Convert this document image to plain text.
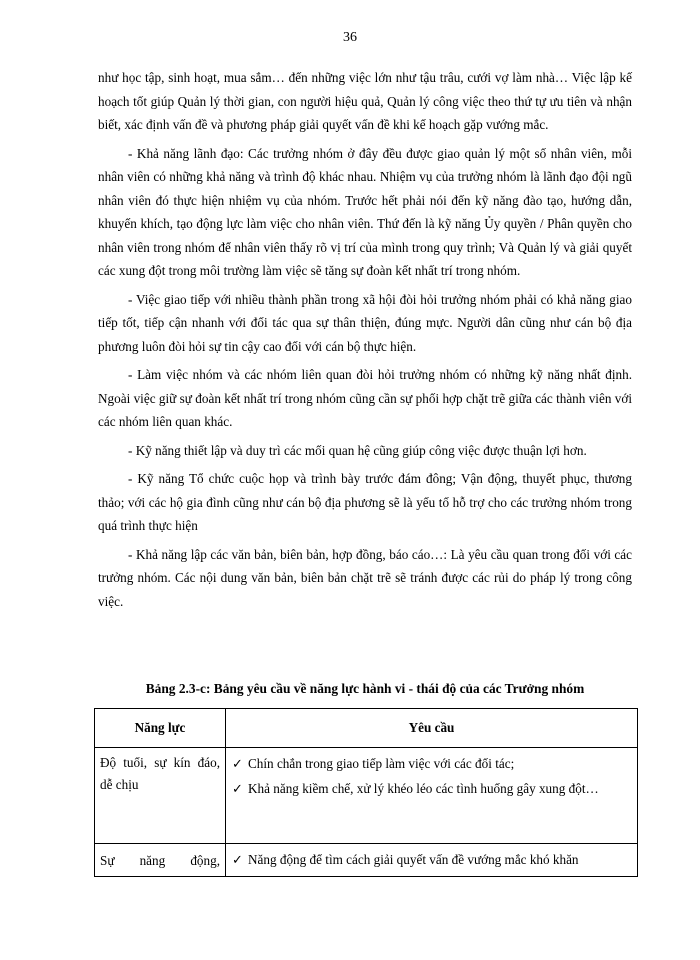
36

như học tập, sinh hoạt, mua sắm… đến những việc lớn như tậu trâu, cưới vợ làm nhà… Việc lập kế hoạch tốt giúp Quản lý thời gian, con người hiệu quả, Quản lý công việc theo thứ tự ưu tiên và nhận biết, xác định vấn đề và phương pháp giải quyết vấn đề khi kế hoạch gặp vướng mắc.

- Khả năng lãnh đạo: Các trưởng nhóm ở đây đều được giao quản lý một số nhân viên, mỗi nhân viên có những khả năng và trình độ khác nhau. Nhiệm vụ của trưởng nhóm là lãnh đạo đội ngũ nhân viên đó thực hiện nhiệm vụ của nhóm. Trước hết phải nói đến kỹ năng đào tạo, hướng dẫn, khuyến khích, tạo động lực làm việc cho nhân viên. Thứ đến là kỹ năng Ủy quyền / Phân quyền cho nhân viên trong nhóm để nhân viên thấy rõ vị trí của mình trong quy trình; Và Quản lý và giải quyết các xung đột trong môi trường làm việc sẽ tăng sự đoàn kết nhất trí trong nhóm.

- Việc giao tiếp với nhiều thành phần trong xã hội đòi hỏi trưởng nhóm phải có khả năng giao tiếp tốt, tiếp cận nhanh với đối tác qua sự thân thiện, đúng mực. Người dân cũng như cán bộ địa phương luôn đòi hỏi sự tin cậy cao đối với cán bộ thực hiện.

- Làm việc nhóm và các nhóm liên quan đòi hỏi trưởng nhóm có những kỹ năng nhất định. Ngoài việc giữ sự đoàn kết nhất trí trong nhóm cũng cần sự phối hợp chặt trẽ giữa các thành viên với các nhóm liên quan khác.

- Kỹ năng thiết lập và duy trì các mối quan hệ cũng giúp công việc được thuận lợi hơn.

- Kỹ năng Tổ chức cuộc họp và trình bày trước đám đông; Vận động, thuyết phục, thương thảo; với các hộ gia đình cũng như cán bộ địa phương sẽ là yếu tố hỗ trợ cho các trưởng nhóm trong quá trình thực hiện

- Khả năng lập các văn bản, biên bản, hợp đồng, báo cáo…: Là yêu cầu quan trong đối với các trưởng nhóm. Các nội dung văn bản, biên bản chặt trẽ sẽ tránh được các rủi do pháp lý trong công việc.

Bảng 2.3-c: Bảng yêu cầu về năng lực hành vi - thái độ của các Trưởng nhóm
Năng lực	Yêu cầu

Độ tuổi, sự kín đáo, dễ chịu	✓ Chín chắn trong giao tiếp làm việc với các đối tác;
✓ Khả năng kiềm chế, xử lý khéo léo các tình huống gây xung đột…

Sự năng động,	✓ Năng động để tìm cách giải quyết vấn đề vướng mắc khó khăn
